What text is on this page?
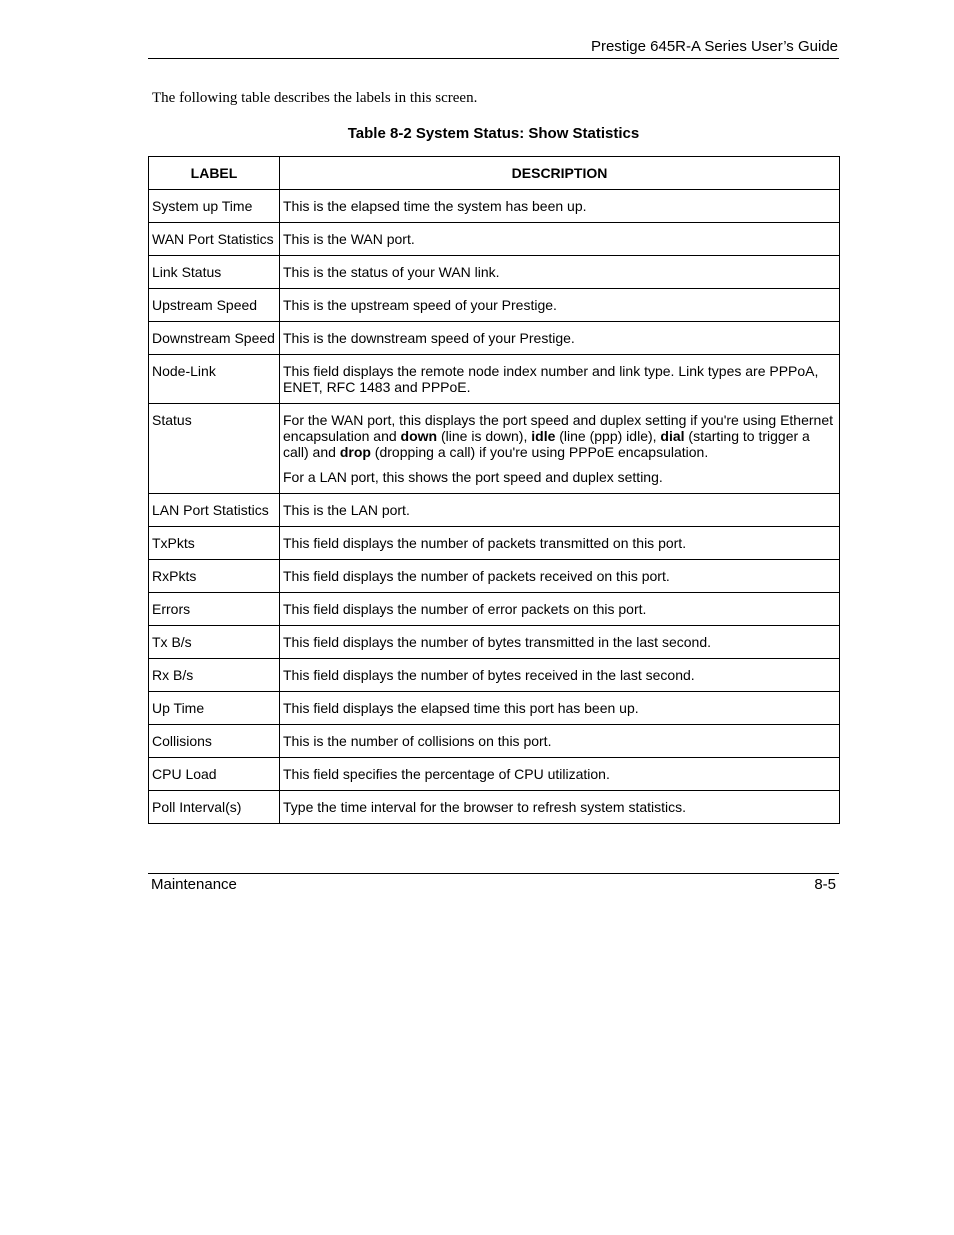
Prestige 645R-A Series User’s Guide
The following table describes the labels in this screen.
Table 8-2 System Status: Show Statistics
LABEL	DESCRIPTION
System up Time	This is the elapsed time the system has been up.
WAN Port Statistics	This is the WAN port.
Link Status	This is the status of your WAN link.
Upstream Speed	This is the upstream speed of your Prestige.
Downstream Speed	This is the downstream speed of your Prestige.
Node-Link	This field displays the remote node index number and link type. Link types are PPPoA, ENET, RFC 1483 and PPPoE.
Status	For the WAN port, this displays the port speed and duplex setting if you're using Ethernet encapsulation and down (line is down), idle (line (ppp) idle), dial (starting to trigger a call) and drop (dropping a call) if you're using PPPoE encapsulation.

For a LAN port, this shows the port speed and duplex setting.

LAN Port Statistics	This is the LAN port.
TxPkts	This field displays the number of packets transmitted on this port.
RxPkts	This field displays the number of packets received on this port.
Errors	This field displays the number of error packets on this port.
Tx B/s	This field displays the number of bytes transmitted in the last second.
Rx B/s	This field displays the number of bytes received in the last second.
Up Time	This field displays the elapsed time this port has been up.
Collisions	This is the number of collisions on this port.
CPU Load	This field specifies the percentage of CPU utilization.
Poll Interval(s)	Type the time interval for the browser to refresh system statistics.
Maintenance	8-5
